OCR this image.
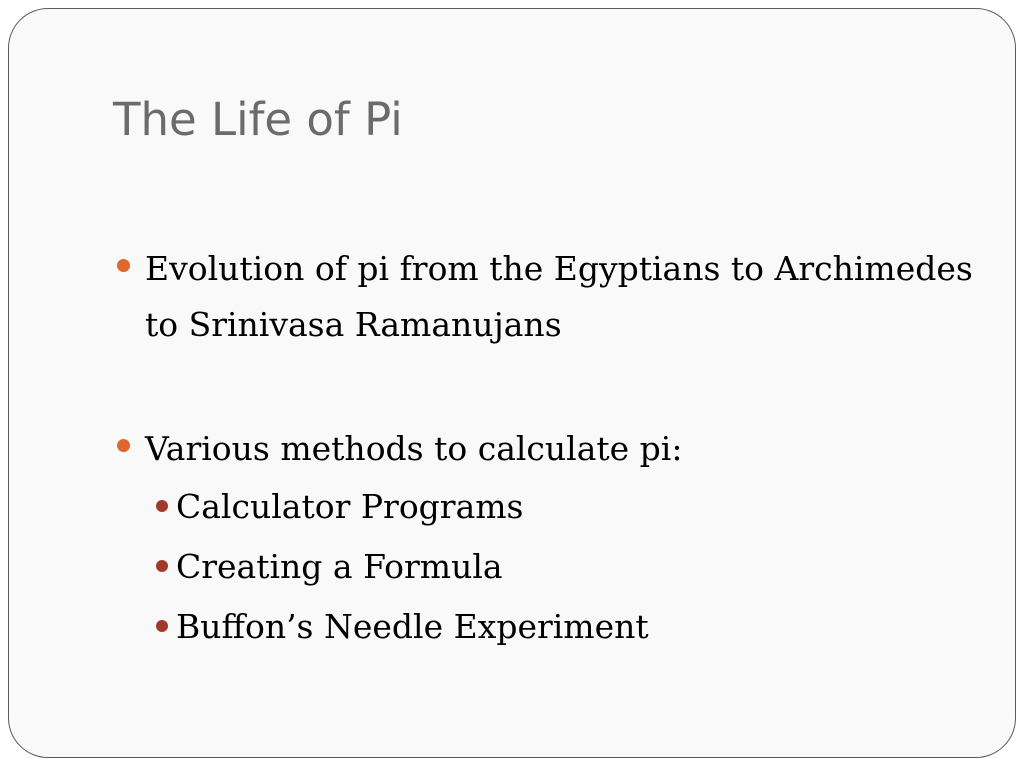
The Life of Pi
Evolution of pi from the Egyptians to Archimedes to Srinivasa Ramanujans
Various methods to calculate pi:
Calculator Programs
Creating a Formula
Buffon’s Needle Experiment
